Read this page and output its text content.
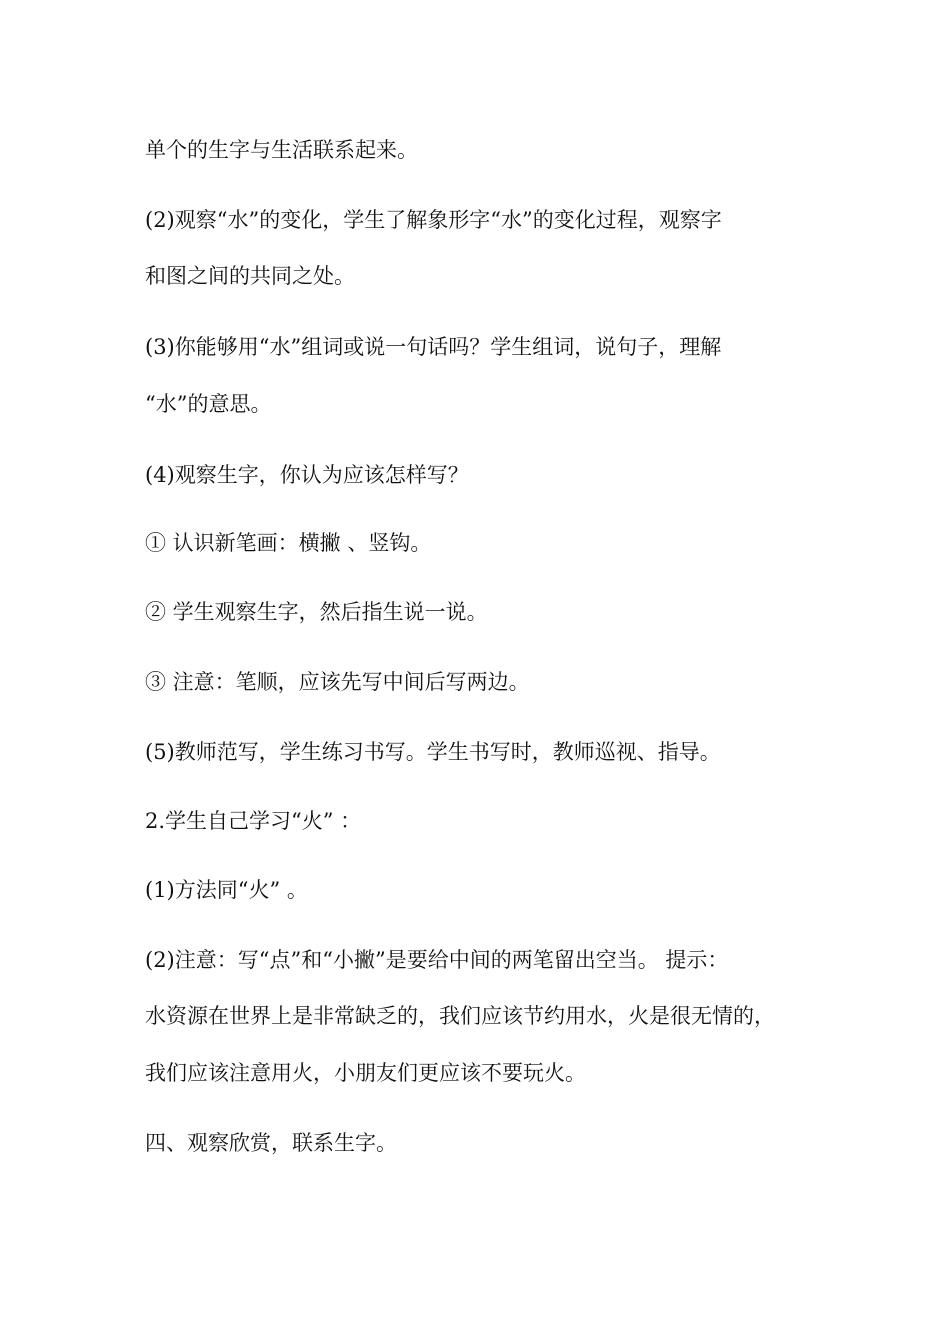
单个的生字与生活联系起来。
(2)观察“水”的变化，学生了解象形字“水”的变化过程，观察字
和图之间的共同之处。
(3)你能够用“水”组词或说一句话吗？学生组词，说句子，理解
“水”的意思。
(4)观察生字，你认为应该怎样写？
① 认识新笔画：横撇 、竖钩。
② 学生观察生字，然后指生说一说。
③ 注意：笔顺，应该先写中间后写两边。
(5)教师范写，学生练习书写。学生书写时，教师巡视、指导。
2.学生自己学习“火” ：
(1)方法同“火” 。
(2)注意：写“点”和“小撇”是要给中间的两笔留出空当。 提示：
水资源在世界上是非常缺乏的，我们应该节约用水，火是很无情的，
我们应该注意用火，小朋友们更应该不要玩火。
四、观察欣赏，联系生字。
